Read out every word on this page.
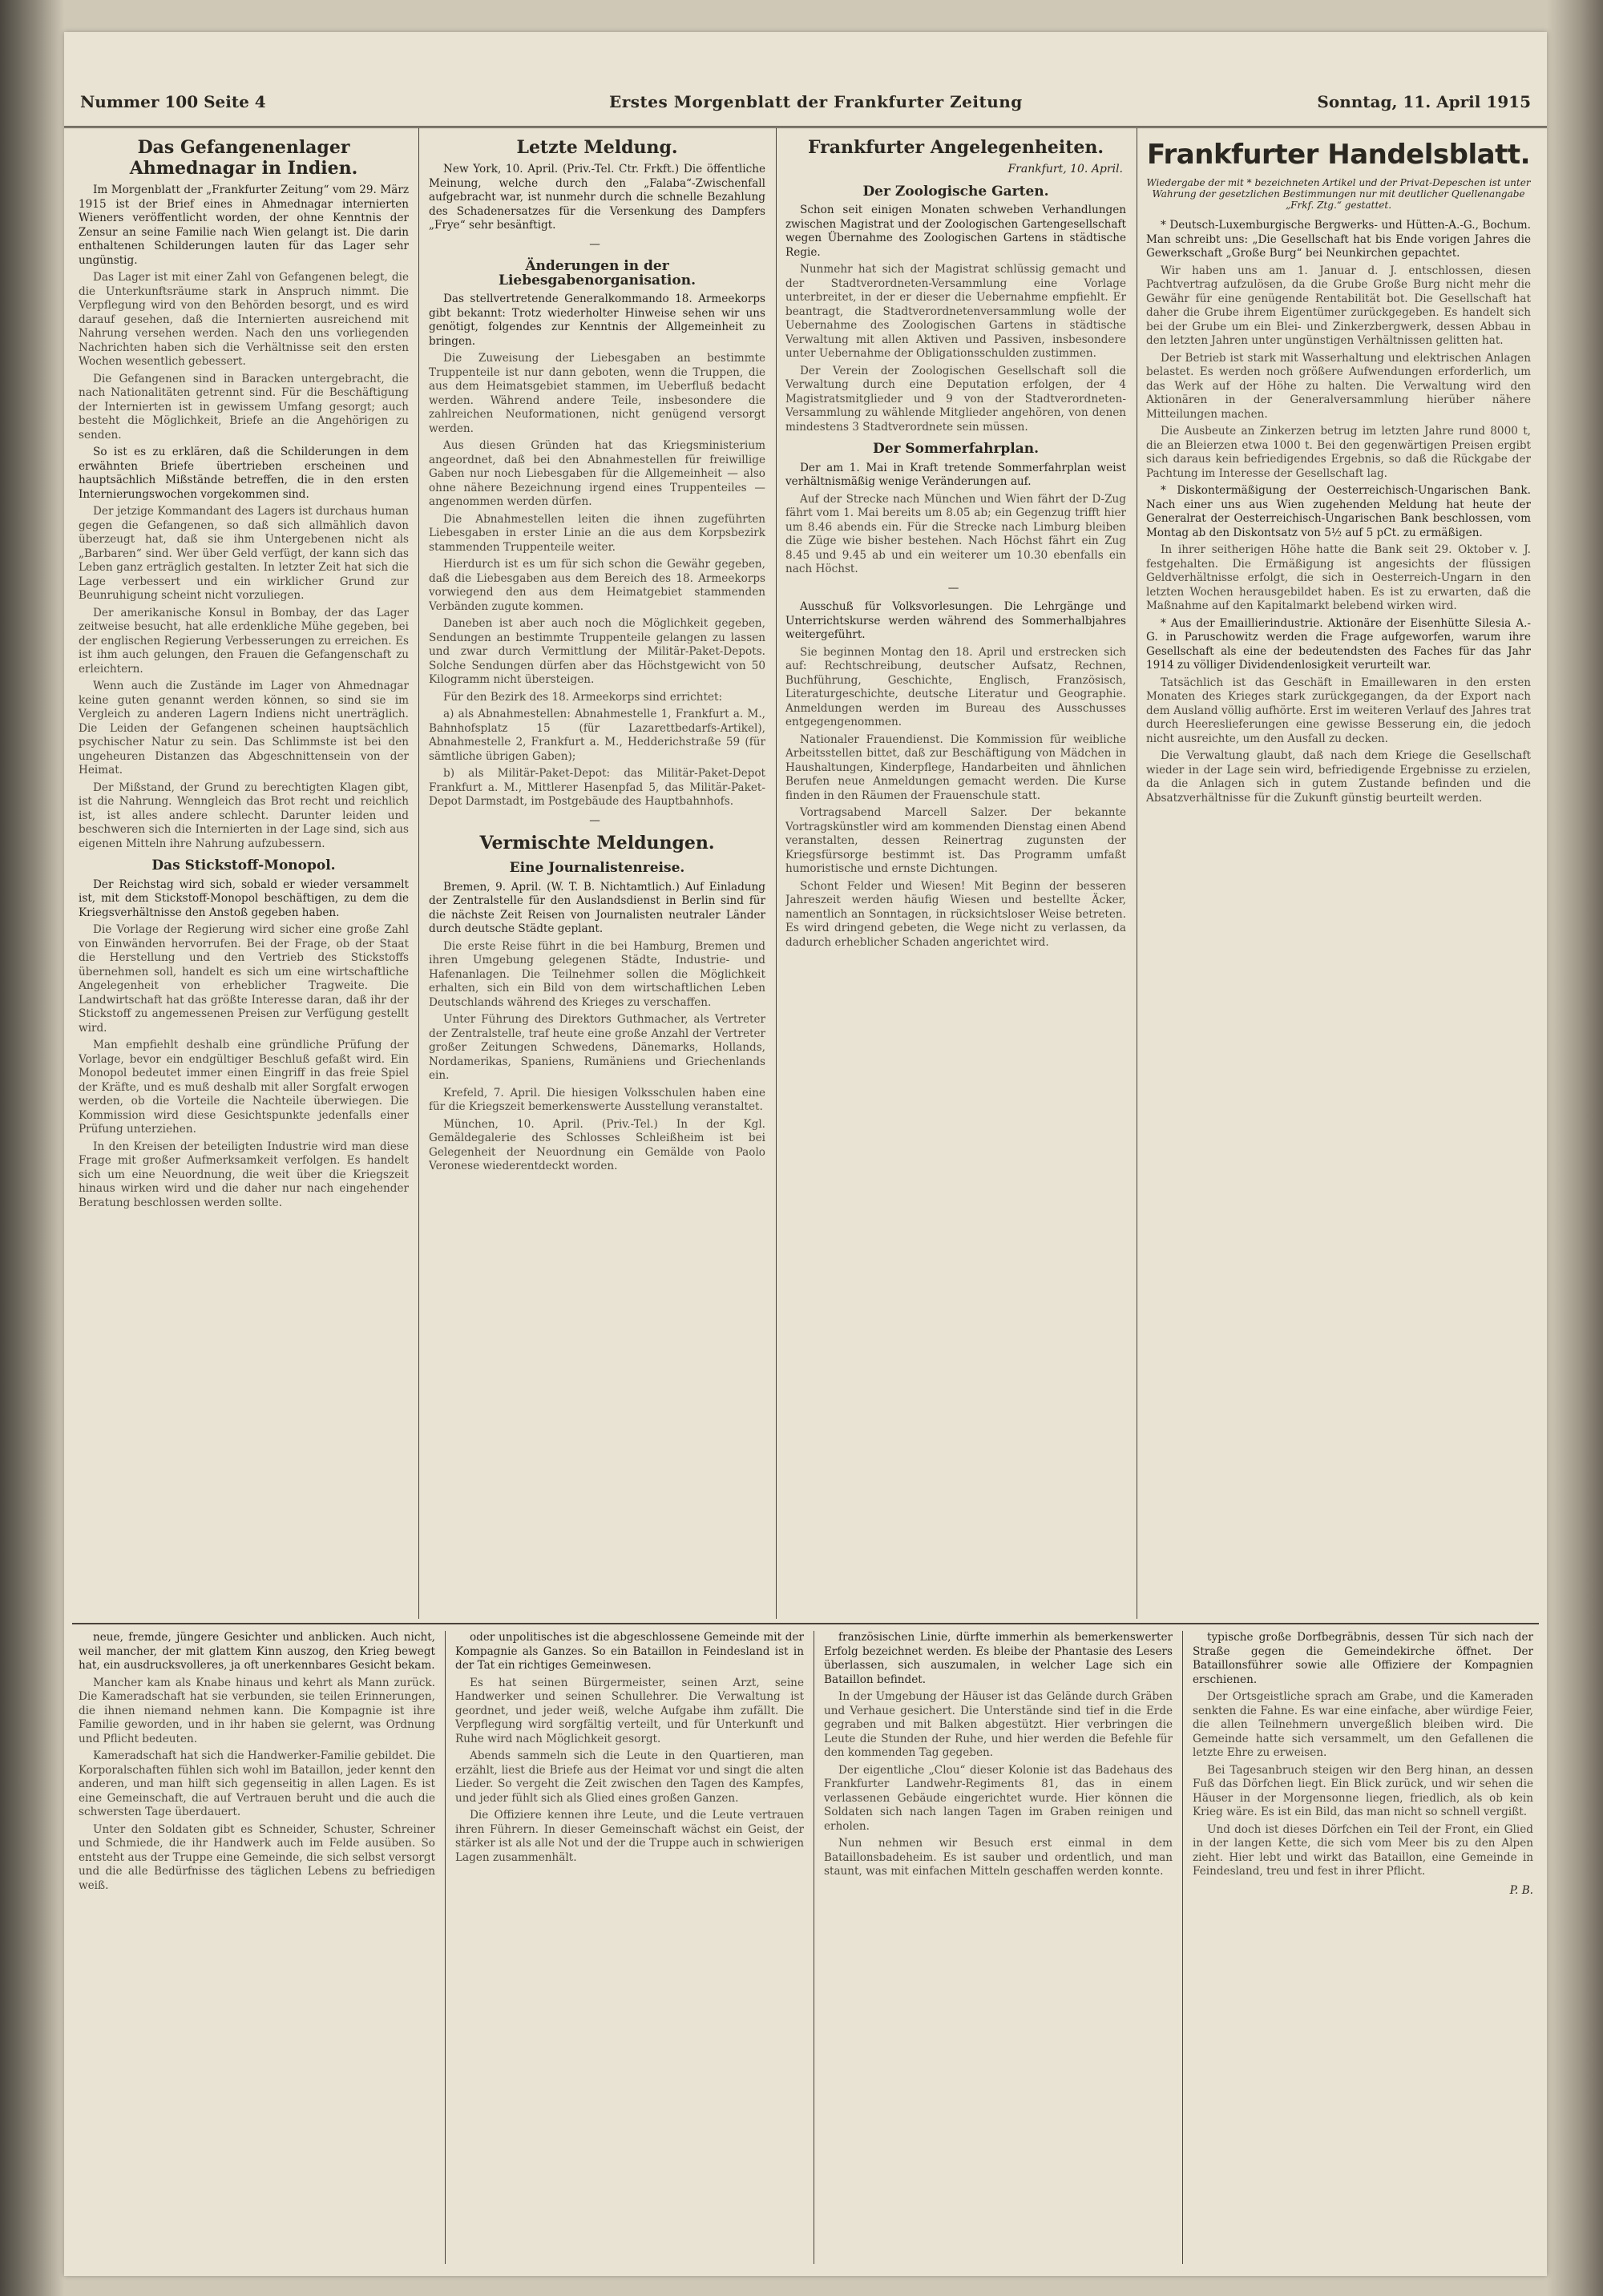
Nummer 100 Seite 4	Erstes Morgenblatt der Frankfurter Zeitung	Sonntag, 11. April 1915
Das Gefangenenlager Ahmednagar in Indien.

Im Morgenblatt der „Frankfurter Zeitung“ vom 29. März 1915 ist der Brief eines in Ahmednagar internierten Wieners veröffentlicht worden, der ohne Kenntnis der Zensur an seine Familie nach Wien gelangt ist. Die darin enthaltenen Schilderungen lauten für das Lager sehr ungünstig.

Das Lager ist mit einer Zahl von Gefangenen belegt, die die Unterkunftsräume stark in Anspruch nimmt. Die Verpflegung wird von den Behörden besorgt, und es wird darauf gesehen, daß die Internierten ausreichend mit Nahrung versehen werden. Nach den uns vorliegenden Nachrichten haben sich die Verhältnisse seit den ersten Wochen wesentlich gebessert.

Die Gefangenen sind in Baracken untergebracht, die nach Nationalitäten getrennt sind. Für die Beschäftigung der Internierten ist in gewissem Umfang gesorgt; auch besteht die Möglichkeit, Briefe an die Angehörigen zu senden.

So ist es zu erklären, daß die Schilderungen in dem erwähnten Briefe übertrieben erscheinen und hauptsächlich Mißstände betreffen, die in den ersten Internierungswochen vorgekommen sind.

Der jetzige Kommandant des Lagers ist durchaus human gegen die Gefangenen, so daß sich allmählich davon überzeugt hat, daß sie ihm Untergebenen nicht als „Barbaren“ sind. Wer über Geld verfügt, der kann sich das Leben ganz erträglich gestalten. In letzter Zeit hat sich die Lage verbessert und ein wirklicher Grund zur Beunruhigung scheint nicht vorzuliegen.

Der amerikanische Konsul in Bombay, der das Lager zeitweise besucht, hat alle erdenkliche Mühe gegeben, bei der englischen Regierung Verbesserungen zu erreichen. Es ist ihm auch gelungen, den Frauen die Gefangenschaft zu erleichtern.

Wenn auch die Zustände im Lager von Ahmednagar keine guten genannt werden können, so sind sie im Vergleich zu anderen Lagern Indiens nicht unerträglich. Die Leiden der Gefangenen scheinen hauptsächlich psychischer Natur zu sein. Das Schlimmste ist bei den ungeheuren Distanzen das Abgeschnittensein von der Heimat.

Der Mißstand, der Grund zu berechtigten Klagen gibt, ist die Nahrung. Wenngleich das Brot recht und reichlich ist, ist alles andere schlecht. Darunter leiden und beschweren sich die Internierten in der Lage sind, sich aus eigenen Mitteln ihre Nahrung aufzubessern.

Das Stickstoff-Monopol.

Der Reichstag wird sich, sobald er wieder versammelt ist, mit dem Stickstoff-Monopol beschäftigen, zu dem die Kriegsverhältnisse den Anstoß gegeben haben.

Die Vorlage der Regierung wird sicher eine große Zahl von Einwänden hervorrufen. Bei der Frage, ob der Staat die Herstellung und den Vertrieb des Stickstoffs übernehmen soll, handelt es sich um eine wirtschaftliche Angelegenheit von erheblicher Tragweite. Die Landwirtschaft hat das größte Interesse daran, daß ihr der Stickstoff zu angemessenen Preisen zur Verfügung gestellt wird.

Man empfiehlt deshalb eine gründliche Prüfung der Vorlage, bevor ein endgültiger Beschluß gefaßt wird. Ein Monopol bedeutet immer einen Eingriff in das freie Spiel der Kräfte, und es muß deshalb mit aller Sorgfalt erwogen werden, ob die Vorteile die Nachteile überwiegen. Die Kommission wird diese Gesichtspunkte jedenfalls einer Prüfung unterziehen.

In den Kreisen der beteiligten Industrie wird man diese Frage mit großer Aufmerksamkeit verfolgen. Es handelt sich um eine Neuordnung, die weit über die Kriegszeit hinaus wirken wird und die daher nur nach eingehender Beratung beschlossen werden sollte.

Letzte Meldung.

New York, 10. April. (Priv.-Tel. Ctr. Frkft.) Die öffentliche Meinung, welche durch den „Falaba“-Zwischenfall aufgebracht war, ist nunmehr durch die schnelle Bezahlung des Schadenersatzes für die Versenkung des Dampfers „Frye“ sehr besänftigt.

—
Änderungen in der Liebesgabenorganisation.

Das stellvertretende Generalkommando 18. Armeekorps gibt bekannt: Trotz wiederholter Hinweise sehen wir uns genötigt, folgendes zur Kenntnis der Allgemeinheit zu bringen.

Die Zuweisung der Liebesgaben an bestimmte Truppenteile ist nur dann geboten, wenn die Truppen, die aus dem Heimatsgebiet stammen, im Ueberfluß bedacht werden. Während andere Teile, insbesondere die zahlreichen Neuformationen, nicht genügend versorgt werden.

Aus diesen Gründen hat das Kriegsministerium angeordnet, daß bei den Abnahmestellen für freiwillige Gaben nur noch Liebesgaben für die Allgemeinheit — also ohne nähere Bezeichnung irgend eines Truppenteiles — angenommen werden dürfen.

Die Abnahmestellen leiten die ihnen zugeführten Liebesgaben in erster Linie an die aus dem Korpsbezirk stammenden Truppenteile weiter.

Hierdurch ist es um für sich schon die Gewähr gegeben, daß die Liebesgaben aus dem Bereich des 18. Armeekorps vorwiegend den aus dem Heimatgebiet stammenden Verbänden zugute kommen.

Daneben ist aber auch noch die Möglichkeit gegeben, Sendungen an bestimmte Truppenteile gelangen zu lassen und zwar durch Vermittlung der Militär-Paket-Depots. Solche Sendungen dürfen aber das Höchstgewicht von 50 Kilogramm nicht übersteigen.

Für den Bezirk des 18. Armeekorps sind errichtet:

a) als Abnahmestellen: Abnahmestelle 1, Frankfurt a. M., Bahnhofsplatz 15 (für Lazarettbedarfs-Artikel), Abnahmestelle 2, Frankfurt a. M., Hedderichstraße 59 (für sämtliche übrigen Gaben);

b) als Militär-Paket-Depot: das Militär-Paket-Depot Frankfurt a. M., Mittlerer Hasenpfad 5, das Militär-Paket-Depot Darmstadt, im Postgebäude des Hauptbahnhofs.

—
Vermischte Meldungen.
Eine Journalistenreise.

Bremen, 9. April. (W. T. B. Nichtamtlich.) Auf Einladung der Zentralstelle für den Auslandsdienst in Berlin sind für die nächste Zeit Reisen von Journalisten neutraler Länder durch deutsche Städte geplant.

Die erste Reise führt in die bei Hamburg, Bremen und ihren Umgebung gelegenen Städte, Industrie- und Hafenanlagen. Die Teilnehmer sollen die Möglichkeit erhalten, sich ein Bild von dem wirtschaftlichen Leben Deutschlands während des Krieges zu verschaffen.

Unter Führung des Direktors Guthmacher, als Vertreter der Zentralstelle, traf heute eine große Anzahl der Vertreter großer Zeitungen Schwedens, Dänemarks, Hollands, Nordamerikas, Spaniens, Rumäniens und Griechenlands ein.

Krefeld, 7. April. Die hiesigen Volksschulen haben eine für die Kriegszeit bemerkenswerte Ausstellung veranstaltet.

München, 10. April. (Priv.-Tel.) In der Kgl. Gemäldegalerie des Schlosses Schleißheim ist bei Gelegenheit der Neuordnung ein Gemälde von Paolo Veronese wiederentdeckt worden.

Frankfurter Angelegenheiten.
Frankfurt, 10. April.
Der Zoologische Garten.

Schon seit einigen Monaten schweben Verhandlungen zwischen Magistrat und der Zoologischen Gartengesellschaft wegen Übernahme des Zoologischen Gartens in städtische Regie.

Nunmehr hat sich der Magistrat schlüssig gemacht und der Stadtverordneten-Versammlung eine Vorlage unterbreitet, in der er dieser die Uebernahme empfiehlt. Er beantragt, die Stadtverordnetenversammlung wolle der Uebernahme des Zoologischen Gartens in städtische Verwaltung mit allen Aktiven und Passiven, insbesondere unter Uebernahme der Obligationsschulden zustimmen.

Der Verein der Zoologischen Gesellschaft soll die Verwaltung durch eine Deputation erfolgen, der 4 Magistratsmitglieder und 9 von der Stadtverordneten-Versammlung zu wählende Mitglieder angehören, von denen mindestens 3 Stadtverordnete sein müssen.

Der Sommerfahrplan.

Der am 1. Mai in Kraft tretende Sommerfahrplan weist verhältnismäßig wenige Veränderungen auf.

Auf der Strecke nach München und Wien fährt der D-Zug fährt vom 1. Mai bereits um 8.05 ab; ein Gegenzug trifft hier um 8.46 abends ein. Für die Strecke nach Limburg bleiben die Züge wie bisher bestehen. Nach Höchst fährt ein Zug 8.45 und 9.45 ab und ein weiterer um 10.30 ebenfalls ein nach Höchst.

—

Ausschuß für Volksvorlesungen. Die Lehrgänge und Unterrichtskurse werden während des Sommerhalbjahres weitergeführt.

Sie beginnen Montag den 18. April und erstrecken sich auf: Rechtschreibung, deutscher Aufsatz, Rechnen, Buchführung, Geschichte, Englisch, Französisch, Literaturgeschichte, deutsche Literatur und Geographie. Anmeldungen werden im Bureau des Ausschusses entgegengenommen.

Nationaler Frauendienst. Die Kommission für weibliche Arbeitsstellen bittet, daß zur Beschäftigung von Mädchen in Haushaltungen, Kinderpflege, Handarbeiten und ähnlichen Berufen neue Anmeldungen gemacht werden. Die Kurse finden in den Räumen der Frauenschule statt.

Vortragsabend Marcell Salzer. Der bekannte Vortragskünstler wird am kommenden Dienstag einen Abend veranstalten, dessen Reinertrag zugunsten der Kriegsfürsorge bestimmt ist. Das Programm umfaßt humoristische und ernste Dichtungen.

Schont Felder und Wiesen! Mit Beginn der besseren Jahreszeit werden häufig Wiesen und bestellte Äcker, namentlich an Sonntagen, in rücksichtsloser Weise betreten. Es wird dringend gebeten, die Wege nicht zu verlassen, da dadurch erheblicher Schaden angerichtet wird.

Frankfurter Handelsblatt.
Wiedergabe der mit * bezeichneten Artikel und der Privat-Depeschen ist unter Wahrung der gesetzlichen Bestimmungen nur mit deutlicher Quellenangabe „Frkf. Ztg.“ gestattet.

* Deutsch-Luxemburgische Bergwerks- und Hütten-A.-G., Bochum. Man schreibt uns: „Die Gesellschaft hat bis Ende vorigen Jahres die Gewerkschaft „Große Burg“ bei Neunkirchen gepachtet.

Wir haben uns am 1. Januar d. J. entschlossen, diesen Pachtvertrag aufzulösen, da die Grube Große Burg nicht mehr die Gewähr für eine genügende Rentabilität bot. Die Gesellschaft hat daher die Grube ihrem Eigentümer zurückgegeben. Es handelt sich bei der Grube um ein Blei- und Zinkerzbergwerk, dessen Abbau in den letzten Jahren unter ungünstigen Verhältnissen gelitten hat.

Der Betrieb ist stark mit Wasserhaltung und elektrischen Anlagen belastet. Es werden noch größere Aufwendungen erforderlich, um das Werk auf der Höhe zu halten. Die Verwaltung wird den Aktionären in der Generalversammlung hierüber nähere Mitteilungen machen.

Die Ausbeute an Zinkerzen betrug im letzten Jahre rund 8000 t, die an Bleierzen etwa 1000 t. Bei den gegenwärtigen Preisen ergibt sich daraus kein befriedigendes Ergebnis, so daß die Rückgabe der Pachtung im Interesse der Gesellschaft lag.

* Diskontermäßigung der Oesterreichisch-Ungarischen Bank. Nach einer uns aus Wien zugehenden Meldung hat heute der Generalrat der Oesterreichisch-Ungarischen Bank beschlossen, vom Montag ab den Diskontsatz von 5½ auf 5 pCt. zu ermäßigen.

In ihrer seitherigen Höhe hatte die Bank seit 29. Oktober v. J. festgehalten. Die Ermäßigung ist angesichts der flüssigen Geldverhältnisse erfolgt, die sich in Oesterreich-Ungarn in den letzten Wochen herausgebildet haben. Es ist zu erwarten, daß die Maßnahme auf den Kapitalmarkt belebend wirken wird.

* Aus der Emaillierindustrie. Aktionäre der Eisenhütte Silesia A.-G. in Paruschowitz werden die Frage aufgeworfen, warum ihre Gesellschaft als eine der bedeutendsten des Faches für das Jahr 1914 zu völliger Dividendenlosigkeit verurteilt war.

Tatsächlich ist das Geschäft in Emaillewaren in den ersten Monaten des Krieges stark zurückgegangen, da der Export nach dem Ausland völlig aufhörte. Erst im weiteren Verlauf des Jahres trat durch Heereslieferungen eine gewisse Besserung ein, die jedoch nicht ausreichte, um den Ausfall zu decken.

Die Verwaltung glaubt, daß nach dem Kriege die Gesellschaft wieder in der Lage sein wird, befriedigende Ergebnisse zu erzielen, da die Anlagen sich in gutem Zustande befinden und die Absatzverhältnisse für die Zukunft günstig beurteilt werden.

neue, fremde, jüngere Gesichter und anblicken. Auch nicht, weil mancher, der mit glattem Kinn auszog, den Krieg bewegt hat, ein ausdrucksvolleres, ja oft unerkennbares Gesicht bekam.

Mancher kam als Knabe hinaus und kehrt als Mann zurück. Die Kameradschaft hat sie verbunden, sie teilen Erinnerungen, die ihnen niemand nehmen kann. Die Kompagnie ist ihre Familie geworden, und in ihr haben sie gelernt, was Ordnung und Pflicht bedeuten.

Kameradschaft hat sich die Handwerker-Familie gebildet. Die Korporalschaften fühlen sich wohl im Bataillon, jeder kennt den anderen, und man hilft sich gegenseitig in allen Lagen. Es ist eine Gemeinschaft, die auf Vertrauen beruht und die auch die schwersten Tage überdauert.

Unter den Soldaten gibt es Schneider, Schuster, Schreiner und Schmiede, die ihr Handwerk auch im Felde ausüben. So entsteht aus der Truppe eine Gemeinde, die sich selbst versorgt und die alle Bedürfnisse des täglichen Lebens zu befriedigen weiß.

oder unpolitisches ist die abgeschlossene Gemeinde mit der Kompagnie als Ganzes. So ein Bataillon in Feindesland ist in der Tat ein richtiges Gemeinwesen.

Es hat seinen Bürgermeister, seinen Arzt, seine Handwerker und seinen Schullehrer. Die Verwaltung ist geordnet, und jeder weiß, welche Aufgabe ihm zufällt. Die Verpflegung wird sorgfältig verteilt, und für Unterkunft und Ruhe wird nach Möglichkeit gesorgt.

Abends sammeln sich die Leute in den Quartieren, man erzählt, liest die Briefe aus der Heimat vor und singt die alten Lieder. So vergeht die Zeit zwischen den Tagen des Kampfes, und jeder fühlt sich als Glied eines großen Ganzen.

Die Offiziere kennen ihre Leute, und die Leute vertrauen ihren Führern. In dieser Gemeinschaft wächst ein Geist, der stärker ist als alle Not und der die Truppe auch in schwierigen Lagen zusammenhält.

französischen Linie, dürfte immerhin als bemerkenswerter Erfolg bezeichnet werden. Es bleibe der Phantasie des Lesers überlassen, sich auszumalen, in welcher Lage sich ein Bataillon befindet.

In der Umgebung der Häuser ist das Gelände durch Gräben und Verhaue gesichert. Die Unterstände sind tief in die Erde gegraben und mit Balken abgestützt. Hier verbringen die Leute die Stunden der Ruhe, und hier werden die Befehle für den kommenden Tag gegeben.

Der eigentliche „Clou“ dieser Kolonie ist das Badehaus des Frankfurter Landwehr-Regiments 81, das in einem verlassenen Gebäude eingerichtet wurde. Hier können die Soldaten sich nach langen Tagen im Graben reinigen und erholen.

Nun nehmen wir Besuch erst einmal in dem Bataillonsbadeheim. Es ist sauber und ordentlich, und man staunt, was mit einfachen Mitteln geschaffen werden konnte.

typische große Dorfbegräbnis, dessen Tür sich nach der Straße gegen die Gemeindekirche öffnet. Der Bataillonsführer sowie alle Offiziere der Kompagnien erschienen.

Der Ortsgeistliche sprach am Grabe, und die Kameraden senkten die Fahne. Es war eine einfache, aber würdige Feier, die allen Teilnehmern unvergeßlich bleiben wird. Die Gemeinde hatte sich versammelt, um den Gefallenen die letzte Ehre zu erweisen.

Bei Tagesanbruch steigen wir den Berg hinan, an dessen Fuß das Dörfchen liegt. Ein Blick zurück, und wir sehen die Häuser in der Morgensonne liegen, friedlich, als ob kein Krieg wäre. Es ist ein Bild, das man nicht so schnell vergißt.

Und doch ist dieses Dörfchen ein Teil der Front, ein Glied in der langen Kette, die sich vom Meer bis zu den Alpen zieht. Hier lebt und wirkt das Bataillon, eine Gemeinde in Feindesland, treu und fest in ihrer Pflicht.

P. B.
